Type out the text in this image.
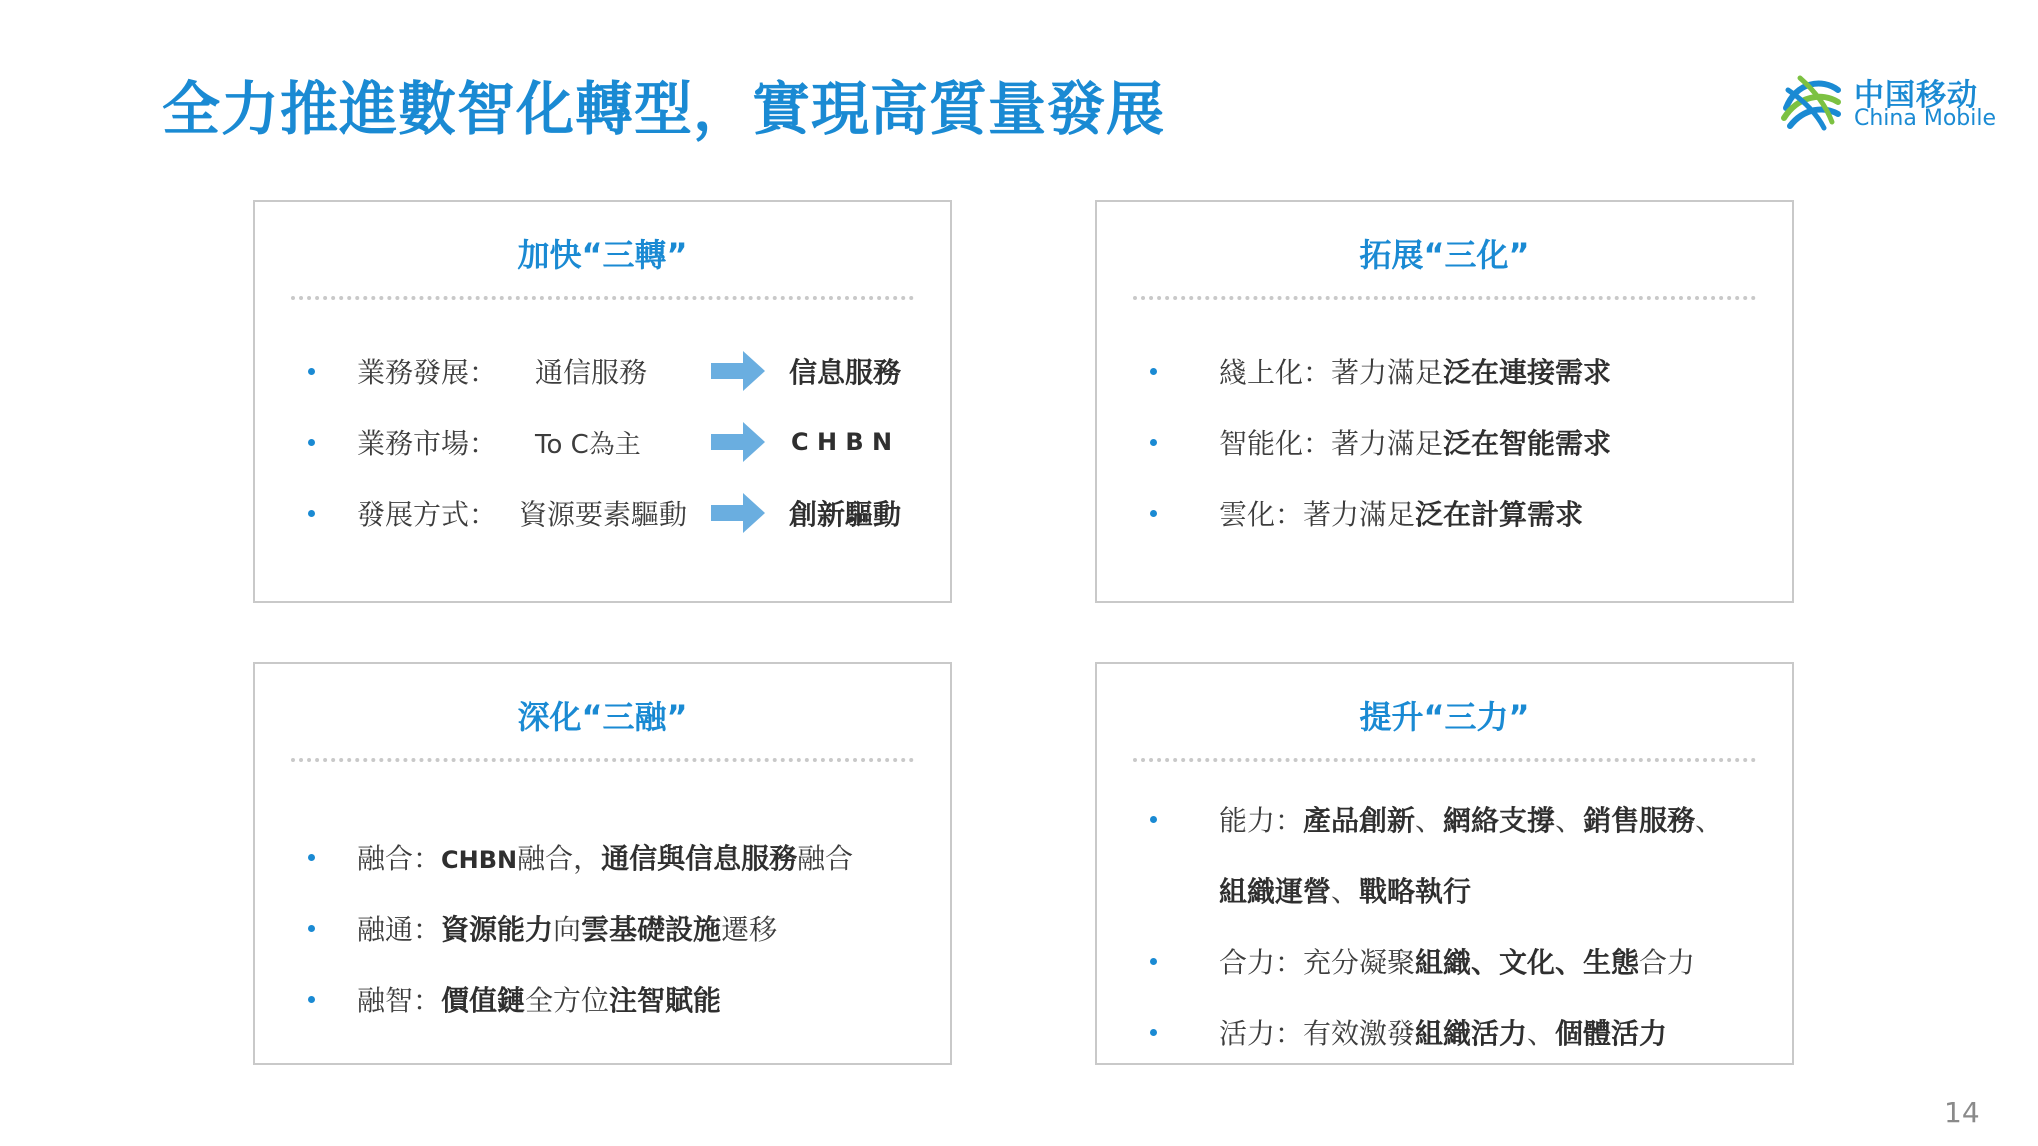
全力推進數智化轉型，實現高質量發展	中国移动
China Mobile
加快“三轉”
業務發展： 通信服務	信息服務
業務市場： To C為主	C H B N
發展方式： 資源要素驅動	創新驅動
拓展“三化”
綫上化：著力滿足泛在連接需求
智能化：著力滿足泛在智能需求
雲化：著力滿足泛在計算需求
深化“三融”
融合：CHBN融合，通信與信息服務融合
融通：資源能力向雲基礎設施遷移
融智：價值鏈全方位注智賦能
提升“三力”
能力：產品創新、網絡支撐、銷售服務、
組織運營、戰略執行
合力：充分凝聚組織、文化、生態合力
活力：有效激發組織活力、個體活力
14
